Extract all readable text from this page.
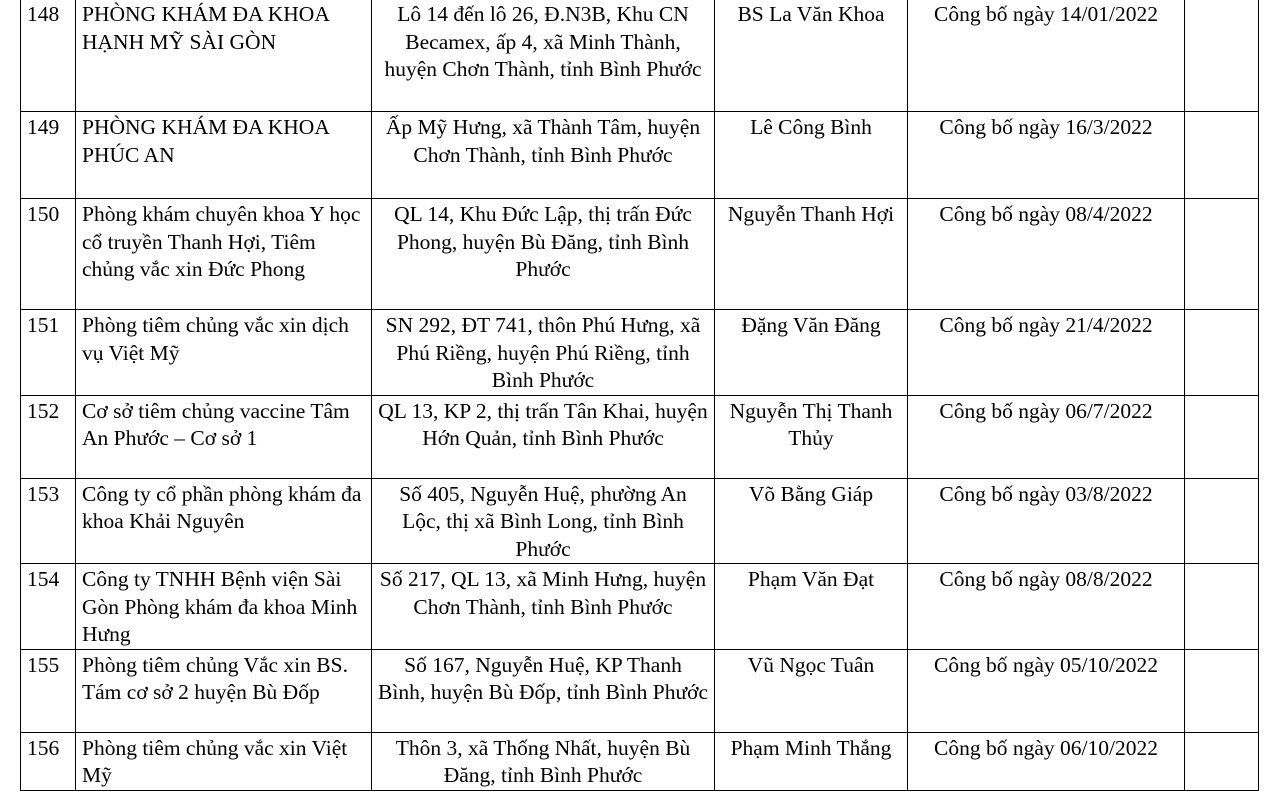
148	PHÒNG KHÁM ĐA KHOA HẠNH MỸ SÀI GÒN	Lô 14 đến lô 26, Đ.N3B, Khu CN Becamex, ấp 4, xã Minh Thành, huyện Chơn Thành, tỉnh Bình Phước	BS La Văn Khoa	Công bố ngày 14/01/2022	
149	PHÒNG KHÁM ĐA KHOA PHÚC AN	Ấp Mỹ Hưng, xã Thành Tâm, huyện Chơn Thành, tỉnh Bình Phước	Lê Công Bình	Công bố ngày 16/3/2022	
150	Phòng khám chuyên khoa Y học cổ truyền Thanh Hợi, Tiêm chủng vắc xin Đức Phong	QL 14, Khu Đức Lập, thị trấn Đức Phong, huyện Bù Đăng, tỉnh Bình Phước	Nguyễn Thanh Hợi	Công bố ngày 08/4/2022	
151	Phòng tiêm chủng vắc xin dịch vụ Việt Mỹ	SN 292, ĐT 741, thôn Phú Hưng, xã Phú Riềng, huyện Phú Riềng, tỉnh Bình Phước	Đặng Văn Đăng	Công bố ngày 21/4/2022	
152	Cơ sở tiêm chủng vaccine Tâm An Phước – Cơ sở 1	QL 13, KP 2, thị trấn Tân Khai, huyện Hớn Quản, tỉnh Bình Phước	Nguyễn Thị Thanh Thủy	Công bố ngày 06/7/2022	
153	Công ty cổ phần phòng khám đa khoa Khải Nguyên	Số 405, Nguyễn Huệ, phường An Lộc, thị xã Bình Long, tỉnh Bình Phước	Võ Bằng Giáp	Công bố ngày 03/8/2022	
154	Công ty TNHH Bệnh viện Sài Gòn Phòng khám đa khoa Minh Hưng	Số 217, QL 13, xã Minh Hưng, huyện Chơn Thành, tỉnh Bình Phước	Phạm Văn Đạt	Công bố ngày 08/8/2022	
155	Phòng tiêm chủng Vắc xin BS. Tám cơ sở 2 huyện Bù Đốp	Số 167, Nguyễn Huệ, KP Thanh Bình, huyện Bù Đốp, tỉnh Bình Phước	Vũ Ngọc Tuân	Công bố ngày 05/10/2022	
156	Phòng tiêm chủng vắc xin Việt Mỹ	Thôn 3, xã Thống Nhất, huyện Bù Đăng, tỉnh Bình Phước	Phạm Minh Thắng	Công bố ngày 06/10/2022	
